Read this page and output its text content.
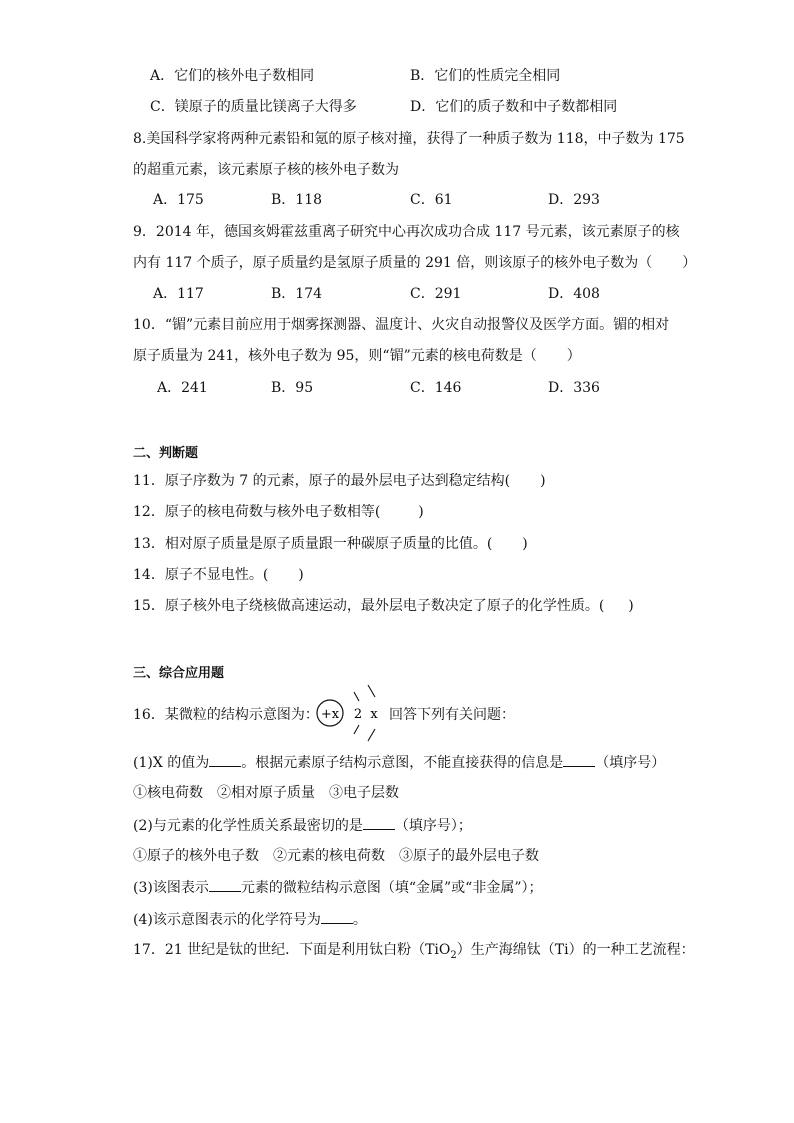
A．它们的核外电子数相同	B．它们的性质完全相同
C．镁原子的质量比镁离子大得多	D．它们的质子数和中子数都相同
8.美国科学家将两种元素铅和氪的原子核对撞，获得了一种质子数为 118，中子数为 175
的超重元素，该元素原子核的核外电子数为
A．175	B．118	C．61	D．293
9．2014 年，德国亥姆霍兹重离子研究中心再次成功合成 117 号元素，该元素原子的核
内有 117 个质子，原子质量约是氢原子质量的 291 倍，则该原子的核外电子数为（ ）
A．117	B．174	C．291	D．408
10．“镅”元素目前应用于烟雾探测器、温度计、火灾自动报警仪及医学方面。镅的相对
原子质量为 241，核外电子数为 95，则“镅”元素的核电荷数是（ ）
A．241	B．95	C．146	D．336
二、判断题
11．原子序数为 7 的元素，原子的最外层电子达到稳定结构( )
12．原子的核电荷数与核外电子数相等(	)
13．相对原子质量是原子质量跟一种碳原子质量的比值。( )
14．原子不显电性。( )
15．原子核外电子绕核做高速运动，最外层电子数决定了原子的化学性质。( )
三、综合应用题
16．某微粒的结构示意图为： +x 2 x 回答下列有关问题：
(1)X 的值为 。根据元素原子结构示意图，不能直接获得的信息是 （填序号）
①核电荷数　②相对原子质量　③电子层数
(2)与元素的化学性质关系最密切的是 （填序号）；
①原子的核外电子数　②元素的核电荷数　③原子的最外层电子数
(3)该图表示 元素的微粒结构示意图（填“金属”或“非金属”）；
(4)该示意图表示的化学符号为 。
17．21 世纪是钛的世纪．下面是利用钛白粉（TiO$_2$）生产海绵钛（Ti）的一种工艺流程：
